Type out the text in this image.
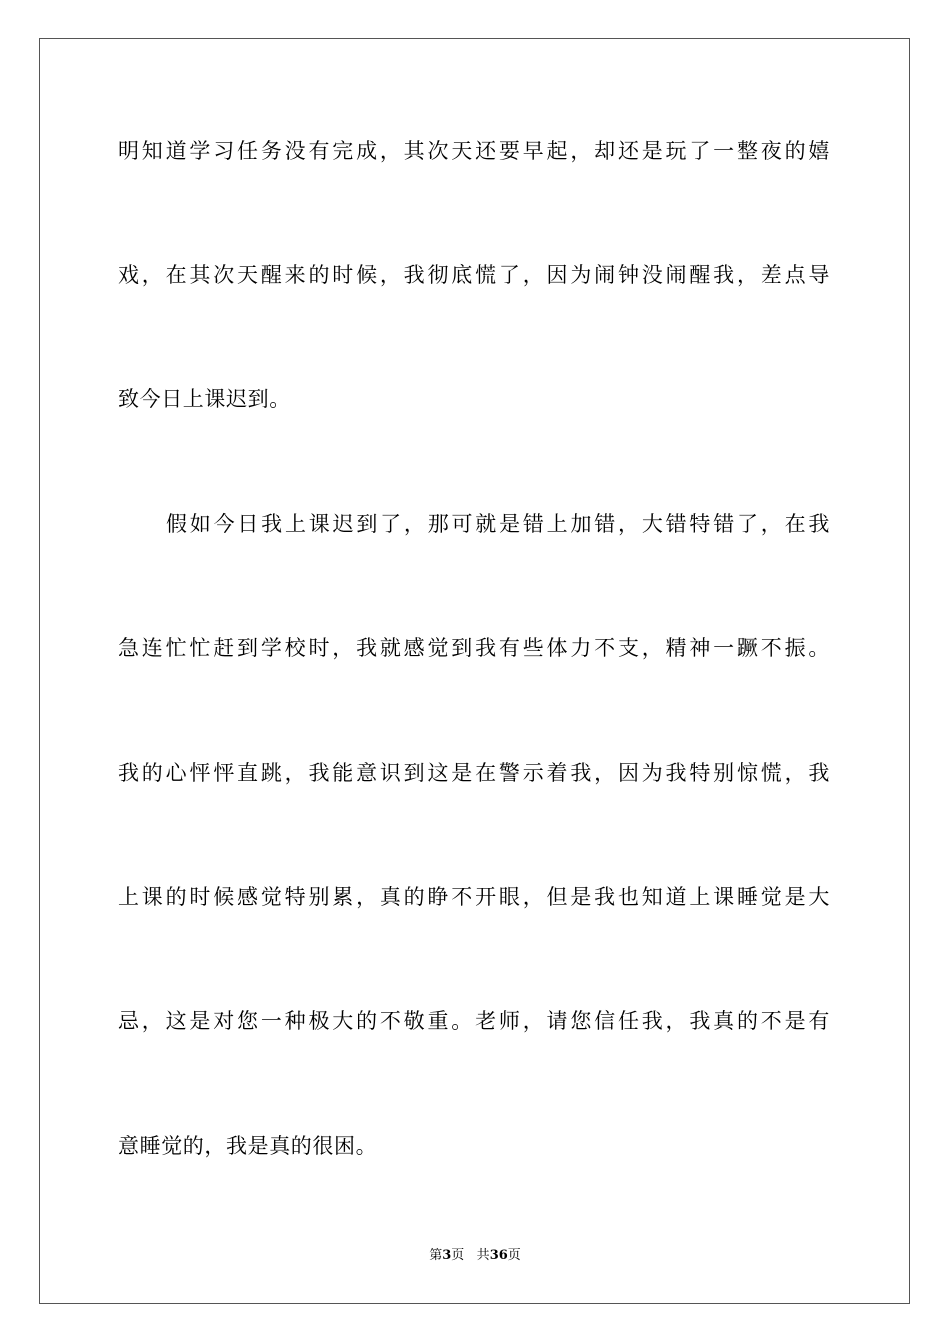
明知道学习任务没有完成，其次天还要早起，却还是玩了一整夜的嬉
戏，在其次天醒来的时候，我彻底慌了，因为闹钟没闹醒我，差点导
致今日上课迟到。
假如今日我上课迟到了，那可就是错上加错，大错特错了，在我
急连忙忙赶到学校时，我就感觉到我有些体力不支，精神一蹶不振。
我的心怦怦直跳，我能意识到这是在警示着我，因为我特别惊慌，我
上课的时候感觉特别累，真的睁不开眼，但是我也知道上课睡觉是大
忌，这是对您一种极大的不敬重。老师，请您信任我，我真的不是有
意睡觉的，我是真的很困。
第3页 共36页
